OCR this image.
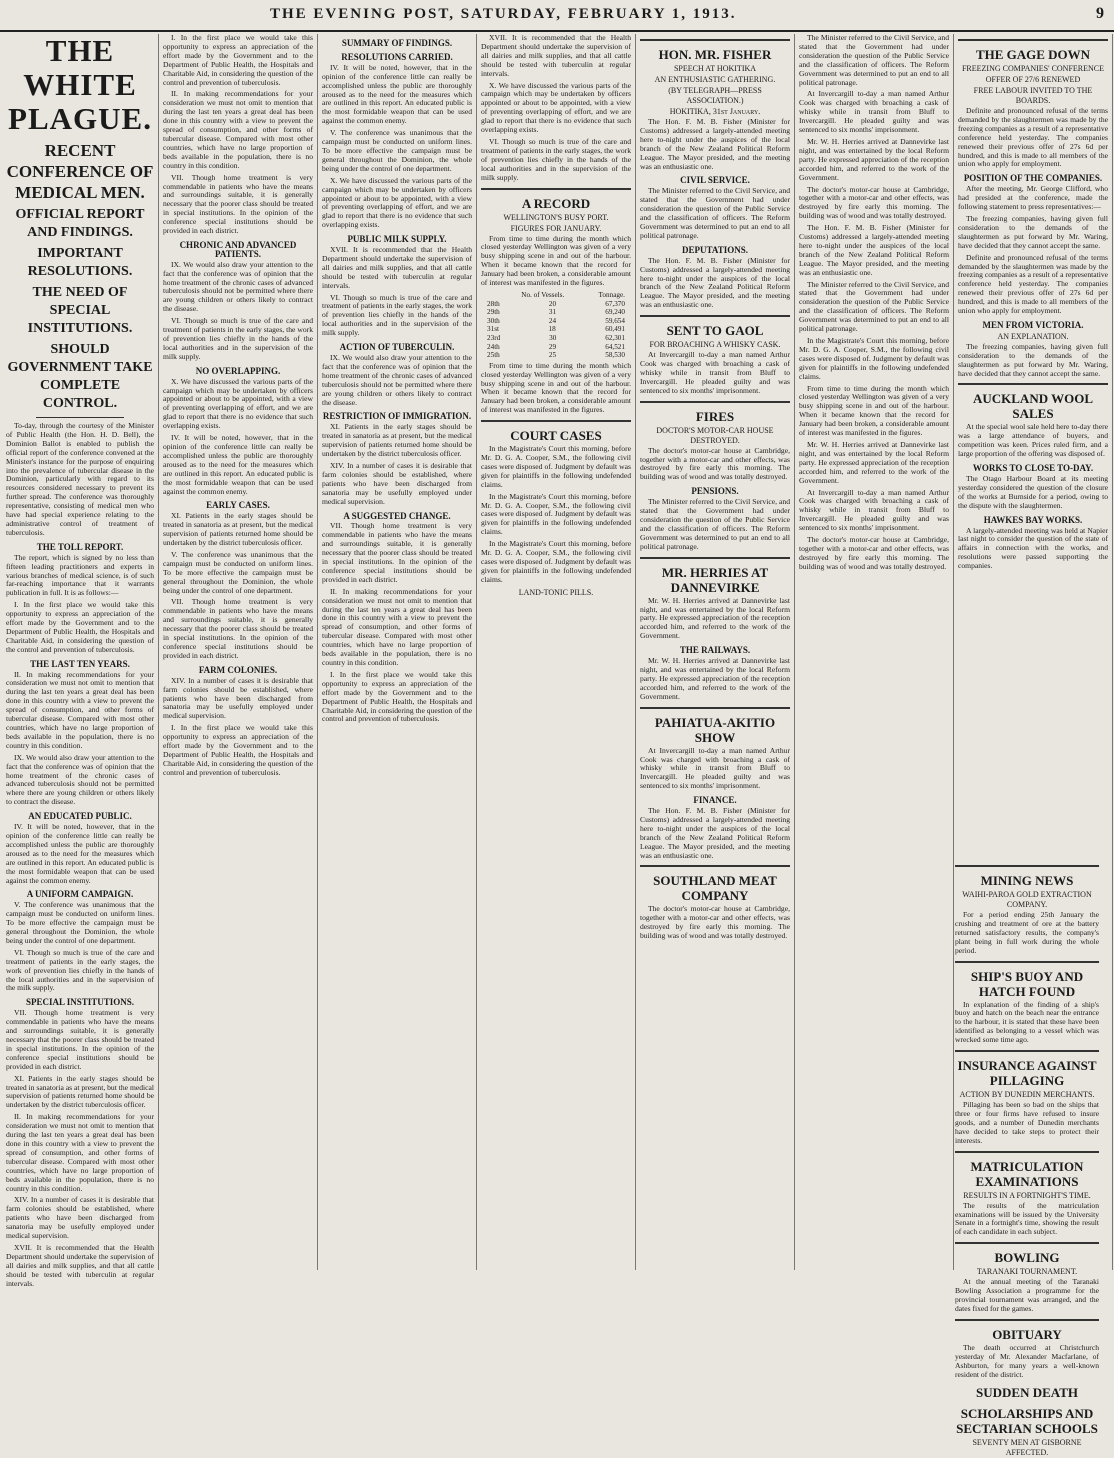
THE EVENING POST, SATURDAY, FEBRUARY 1, 1913.	9
THE WHITE PLAGUE.
RECENT CONFERENCE OF MEDICAL MEN.
OFFICIAL REPORT AND FINDINGS.
IMPORTANT RESOLUTIONS.
THE NEED OF SPECIAL INSTITUTIONS.
SHOULD GOVERNMENT TAKE COMPLETE CONTROL.

To-day, through the courtesy of the Minister of Public Health (the Hon. H. D. Bell), the Dominion Ballot is enabled to publish the official report of the conference convened at the Minister's instance for the purpose of enquiring into the prevalence of tubercular disease in the Dominion, particularly with regard to its resources considered necessary to prevent its further spread. The conference was thoroughly representative, consisting of medical men who have had special experience relating to the administrative control of treatment of tuberculosis.

THE TOLL REPORT.

The report, which is signed by no less than fifteen leading practitioners and experts in various branches of medical science, is of such far-reaching importance that it warrants publication in full. It is as follows:—

I. In the first place we would take this opportunity to express an appreciation of the effort made by the Government and to the Department of Public Health, the Hospitals and Charitable Aid, in considering the question of the control and prevention of tuberculosis.

THE LAST TEN YEARS.

II. In making recommendations for your consideration we must not omit to mention that during the last ten years a great deal has been done in this country with a view to prevent the spread of consumption, and other forms of tubercular disease. Compared with most other countries, which have no large proportion of beds available in the population, there is no country in this condition.

IX. We would also draw your attention to the fact that the conference was of opinion that the home treatment of the chronic cases of advanced tuberculosis should not be permitted where there are young children or others likely to contract the disease.

AN EDUCATED PUBLIC.

IV. It will be noted, however, that in the opinion of the conference little can really be accomplished unless the public are thoroughly aroused as to the need for the measures which are outlined in this report. An educated public is the most formidable weapon that can be used against the common enemy.

A UNIFORM CAMPAIGN.

V. The conference was unanimous that the campaign must be conducted on uniform lines. To be more effective the campaign must be general throughout the Dominion, the whole being under the control of one department.

VI. Though so much is true of the care and treatment of patients in the early stages, the work of prevention lies chiefly in the hands of the local authorities and in the supervision of the milk supply.

SPECIAL INSTITUTIONS.

VII. Though home treatment is very commendable in patients who have the means and surroundings suitable, it is generally necessary that the poorer class should be treated in special institutions. In the opinion of the conference special institutions should be provided in each district.

XI. Patients in the early stages should be treated in sanatoria as at present, but the medical supervision of patients returned home should be undertaken by the district tuberculosis officer.

II. In making recommendations for your consideration we must not omit to mention that during the last ten years a great deal has been done in this country with a view to prevent the spread of consumption, and other forms of tubercular disease. Compared with most other countries, which have no large proportion of beds available in the population, there is no country in this condition.

XIV. In a number of cases it is desirable that farm colonies should be established, where patients who have been discharged from sanatoria may be usefully employed under medical supervision.

XVII. It is recommended that the Health Department should undertake the supervision of all dairies and milk supplies, and that all cattle should be tested with tuberculin at regular intervals.

I. In the first place we would take this opportunity to express an appreciation of the effort made by the Government and to the Department of Public Health, the Hospitals and Charitable Aid, in considering the question of the control and prevention of tuberculosis.

II. In making recommendations for your consideration we must not omit to mention that during the last ten years a great deal has been done in this country with a view to prevent the spread of consumption, and other forms of tubercular disease. Compared with most other countries, which have no large proportion of beds available in the population, there is no country in this condition.

VII. Though home treatment is very commendable in patients who have the means and surroundings suitable, it is generally necessary that the poorer class should be treated in special institutions. In the opinion of the conference special institutions should be provided in each district.

CHRONIC AND ADVANCED PATIENTS.

IX. We would also draw your attention to the fact that the conference was of opinion that the home treatment of the chronic cases of advanced tuberculosis should not be permitted where there are young children or others likely to contract the disease.

VI. Though so much is true of the care and treatment of patients in the early stages, the work of prevention lies chiefly in the hands of the local authorities and in the supervision of the milk supply.

NO OVERLAPPING.

X. We have discussed the various parts of the campaign which may be undertaken by officers appointed or about to be appointed, with a view of preventing overlapping of effort, and we are glad to report that there is no evidence that such overlapping exists.

IV. It will be noted, however, that in the opinion of the conference little can really be accomplished unless the public are thoroughly aroused as to the need for the measures which are outlined in this report. An educated public is the most formidable weapon that can be used against the common enemy.

EARLY CASES.

XI. Patients in the early stages should be treated in sanatoria as at present, but the medical supervision of patients returned home should be undertaken by the district tuberculosis officer.

V. The conference was unanimous that the campaign must be conducted on uniform lines. To be more effective the campaign must be general throughout the Dominion, the whole being under the control of one department.

VII. Though home treatment is very commendable in patients who have the means and surroundings suitable, it is generally necessary that the poorer class should be treated in special institutions. In the opinion of the conference special institutions should be provided in each district.

FARM COLONIES.

XIV. In a number of cases it is desirable that farm colonies should be established, where patients who have been discharged from sanatoria may be usefully employed under medical supervision.

I. In the first place we would take this opportunity to express an appreciation of the effort made by the Government and to the Department of Public Health, the Hospitals and Charitable Aid, in considering the question of the control and prevention of tuberculosis.

SUMMARY OF FINDINGS.
RESOLUTIONS CARRIED.

IV. It will be noted, however, that in the opinion of the conference little can really be accomplished unless the public are thoroughly aroused as to the need for the measures which are outlined in this report. An educated public is the most formidable weapon that can be used against the common enemy.

V. The conference was unanimous that the campaign must be conducted on uniform lines. To be more effective the campaign must be general throughout the Dominion, the whole being under the control of one department.

X. We have discussed the various parts of the campaign which may be undertaken by officers appointed or about to be appointed, with a view of preventing overlapping of effort, and we are glad to report that there is no evidence that such overlapping exists.

PUBLIC MILK SUPPLY.

XVII. It is recommended that the Health Department should undertake the supervision of all dairies and milk supplies, and that all cattle should be tested with tuberculin at regular intervals.

VI. Though so much is true of the care and treatment of patients in the early stages, the work of prevention lies chiefly in the hands of the local authorities and in the supervision of the milk supply.

ACTION OF TUBERCULIN.

IX. We would also draw your attention to the fact that the conference was of opinion that the home treatment of the chronic cases of advanced tuberculosis should not be permitted where there are young children or others likely to contract the disease.

RESTRICTION OF IMMIGRATION.

XI. Patients in the early stages should be treated in sanatoria as at present, but the medical supervision of patients returned home should be undertaken by the district tuberculosis officer.

XIV. In a number of cases it is desirable that farm colonies should be established, where patients who have been discharged from sanatoria may be usefully employed under medical supervision.

A SUGGESTED CHANGE.

VII. Though home treatment is very commendable in patients who have the means and surroundings suitable, it is generally necessary that the poorer class should be treated in special institutions. In the opinion of the conference special institutions should be provided in each district.

II. In making recommendations for your consideration we must not omit to mention that during the last ten years a great deal has been done in this country with a view to prevent the spread of consumption, and other forms of tubercular disease. Compared with most other countries, which have no large proportion of beds available in the population, there is no country in this condition.

I. In the first place we would take this opportunity to express an appreciation of the effort made by the Government and to the Department of Public Health, the Hospitals and Charitable Aid, in considering the question of the control and prevention of tuberculosis.

XVII. It is recommended that the Health Department should undertake the supervision of all dairies and milk supplies, and that all cattle should be tested with tuberculin at regular intervals.

X. We have discussed the various parts of the campaign which may be undertaken by officers appointed or about to be appointed, with a view of preventing overlapping of effort, and we are glad to report that there is no evidence that such overlapping exists.

VI. Though so much is true of the care and treatment of patients in the early stages, the work of prevention lies chiefly in the hands of the local authorities and in the supervision of the milk supply.

A RECORD
WELLINGTON'S BUSY PORT.
FIGURES FOR JANUARY.

From time to time during the month which closed yesterday Wellington was given of a very busy shipping scene in and out of the harbour. When it became known that the record for January had been broken, a considerable amount of interest was manifested in the figures.

No. of Vessels.	Tonnage.
28th	20	67,370
29th	31	69,240
30th	24	59,654
31st	18	60,491
23rd	30	62,301
24th	29	64,521
25th	25	58,530

From time to time during the month which closed yesterday Wellington was given of a very busy shipping scene in and out of the harbour. When it became known that the record for January had been broken, a considerable amount of interest was manifested in the figures.

COURT CASES

In the Magistrate's Court this morning, before Mr. D. G. A. Cooper, S.M., the following civil cases were disposed of. Judgment by default was given for plaintiffs in the following undefended claims.

In the Magistrate's Court this morning, before Mr. D. G. A. Cooper, S.M., the following civil cases were disposed of. Judgment by default was given for plaintiffs in the following undefended claims.

In the Magistrate's Court this morning, before Mr. D. G. A. Cooper, S.M., the following civil cases were disposed of. Judgment by default was given for plaintiffs in the following undefended claims.

LAND-TONIC PILLS.
HON. MR. FISHER
SPEECH AT HOKITIKA
AN ENTHUSIASTIC GATHERING.
(BY TELEGRAPH—PRESS ASSOCIATION.)
HOKITIKA, 31st January.

The Hon. F. M. B. Fisher (Minister for Customs) addressed a largely-attended meeting here to-night under the auspices of the local branch of the New Zealand Political Reform League. The Mayor presided, and the meeting was an enthusiastic one.

CIVIL SERVICE.

The Minister referred to the Civil Service, and stated that the Government had under consideration the question of the Public Service and the classification of officers. The Reform Government was determined to put an end to all political patronage.

DEPUTATIONS.

The Hon. F. M. B. Fisher (Minister for Customs) addressed a largely-attended meeting here to-night under the auspices of the local branch of the New Zealand Political Reform League. The Mayor presided, and the meeting was an enthusiastic one.

SENT TO GAOL
FOR BROACHING A WHISKY CASK.

At Invercargill to-day a man named Arthur Cook was charged with broaching a cask of whisky while in transit from Bluff to Invercargill. He pleaded guilty and was sentenced to six months' imprisonment.

FIRES
DOCTOR'S MOTOR-CAR HOUSE DESTROYED.

The doctor's motor-car house at Cambridge, together with a motor-car and other effects, was destroyed by fire early this morning. The building was of wood and was totally destroyed.

PENSIONS.

The Minister referred to the Civil Service, and stated that the Government had under consideration the question of the Public Service and the classification of officers. The Reform Government was determined to put an end to all political patronage.

MR. HERRIES AT DANNEVIRKE

Mr. W. H. Herries arrived at Dannevirke last night, and was entertained by the local Reform party. He expressed appreciation of the reception accorded him, and referred to the work of the Government.

THE RAILWAYS.

Mr. W. H. Herries arrived at Dannevirke last night, and was entertained by the local Reform party. He expressed appreciation of the reception accorded him, and referred to the work of the Government.

PAHIATUA-AKITIO SHOW

At Invercargill to-day a man named Arthur Cook was charged with broaching a cask of whisky while in transit from Bluff to Invercargill. He pleaded guilty and was sentenced to six months' imprisonment.

FINANCE.

The Hon. F. M. B. Fisher (Minister for Customs) addressed a largely-attended meeting here to-night under the auspices of the local branch of the New Zealand Political Reform League. The Mayor presided, and the meeting was an enthusiastic one.

SOUTHLAND MEAT COMPANY

The doctor's motor-car house at Cambridge, together with a motor-car and other effects, was destroyed by fire early this morning. The building was of wood and was totally destroyed.

The Minister referred to the Civil Service, and stated that the Government had under consideration the question of the Public Service and the classification of officers. The Reform Government was determined to put an end to all political patronage.

At Invercargill to-day a man named Arthur Cook was charged with broaching a cask of whisky while in transit from Bluff to Invercargill. He pleaded guilty and was sentenced to six months' imprisonment.

Mr. W. H. Herries arrived at Dannevirke last night, and was entertained by the local Reform party. He expressed appreciation of the reception accorded him, and referred to the work of the Government.

The doctor's motor-car house at Cambridge, together with a motor-car and other effects, was destroyed by fire early this morning. The building was of wood and was totally destroyed.

The Hon. F. M. B. Fisher (Minister for Customs) addressed a largely-attended meeting here to-night under the auspices of the local branch of the New Zealand Political Reform League. The Mayor presided, and the meeting was an enthusiastic one.

The Minister referred to the Civil Service, and stated that the Government had under consideration the question of the Public Service and the classification of officers. The Reform Government was determined to put an end to all political patronage.

In the Magistrate's Court this morning, before Mr. D. G. A. Cooper, S.M., the following civil cases were disposed of. Judgment by default was given for plaintiffs in the following undefended claims.

From time to time during the month which closed yesterday Wellington was given of a very busy shipping scene in and out of the harbour. When it became known that the record for January had been broken, a considerable amount of interest was manifested in the figures.

Mr. W. H. Herries arrived at Dannevirke last night, and was entertained by the local Reform party. He expressed appreciation of the reception accorded him, and referred to the work of the Government.

At Invercargill to-day a man named Arthur Cook was charged with broaching a cask of whisky while in transit from Bluff to Invercargill. He pleaded guilty and was sentenced to six months' imprisonment.

The doctor's motor-car house at Cambridge, together with a motor-car and other effects, was destroyed by fire early this morning. The building was of wood and was totally destroyed.

THE GAGE DOWN
FREEZING COMPANIES' CONFERENCE
OFFER OF 27/6 RENEWED
FREE LABOUR INVITED TO THE BOARDS.

Definite and pronounced refusal of the terms demanded by the slaughtermen was made by the freezing companies as a result of a representative conference held yesterday. The companies renewed their previous offer of 27s 6d per hundred, and this is made to all members of the union who apply for employment.

POSITION OF THE COMPANIES.

After the meeting, Mr. George Clifford, who had presided at the conference, made the following statement to press representatives:—

The freezing companies, having given full consideration to the demands of the slaughtermen as put forward by Mr. Waring, have decided that they cannot accept the same.

Definite and pronounced refusal of the terms demanded by the slaughtermen was made by the freezing companies as a result of a representative conference held yesterday. The companies renewed their previous offer of 27s 6d per hundred, and this is made to all members of the union who apply for employment.

MEN FROM VICTORIA.
AN EXPLANATION.

The freezing companies, having given full consideration to the demands of the slaughtermen as put forward by Mr. Waring, have decided that they cannot accept the same.

AUCKLAND WOOL SALES

At the special wool sale held here to-day there was a large attendance of buyers, and competition was keen. Prices ruled firm, and a large proportion of the offering was disposed of.

WORKS TO CLOSE TO-DAY.

The Otago Harbour Board at its meeting yesterday considered the question of the closure of the works at Burnside for a period, owing to the dispute with the slaughtermen.

HAWKES BAY WORKS.

A largely-attended meeting was held at Napier last night to consider the question of the state of affairs in connection with the works, and resolutions were passed supporting the companies.

MINING NEWS
WAIHI-PAROA GOLD EXTRACTION COMPANY.

For a period ending 25th January the crushing and treatment of ore at the battery returned satisfactory results, the company's plant being in full work during the whole period.

SHIP'S BUOY AND HATCH FOUND

In explanation of the finding of a ship's buoy and hatch on the beach near the entrance to the harbour, it is stated that these have been identified as belonging to a vessel which was wrecked some time ago.

INSURANCE AGAINST PILLAGING
ACTION BY DUNEDIN MERCHANTS.

Pillaging has been so bad on the ships that three or four firms have refused to insure goods, and a number of Dunedin merchants have decided to take steps to protect their interests.

MATRICULATION EXAMINATIONS
RESULTS IN A FORTNIGHT'S TIME.

The results of the matriculation examinations will be issued by the University Senate in a fortnight's time, showing the result of each candidate in each subject.

BOWLING
TARANAKI TOURNAMENT.

At the annual meeting of the Taranaki Bowling Association a programme for the provincial tournament was arranged, and the dates fixed for the games.

OBITUARY

The death occurred at Christchurch yesterday of Mr. Alexander Macfarlane, of Ashburton, for many years a well-known resident of the district.

SUDDEN DEATH
SCHOLARSHIPS AND SECTARIAN SCHOOLS
SEVENTY MEN AT GISBORNE AFFECTED.
